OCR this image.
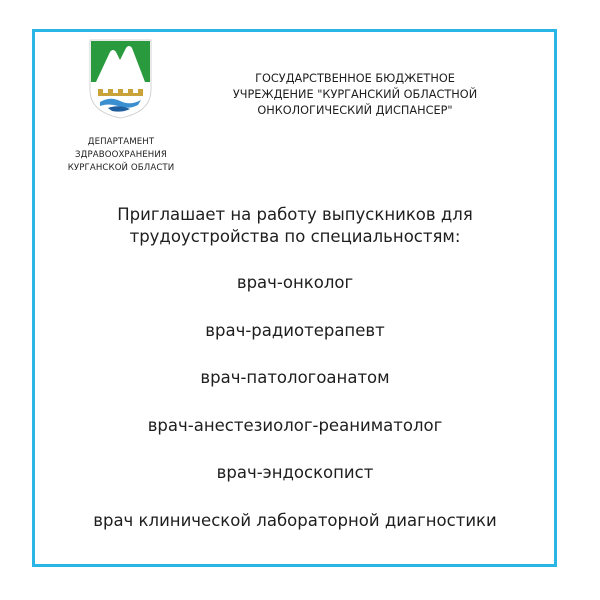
ДЕПАРТАМЕНТ ЗДРАВООХРАНЕНИЯ КУРГАНСКОЙ ОБЛАСТИ
ГОСУДАРСТВЕННОЕ БЮДЖЕТНОЕ УЧРЕЖДЕНИЕ "КУРГАНСКИЙ ОБЛАСТНОЙ ОНКОЛОГИЧЕСКИЙ ДИСПАНСЕР"
Приглашает на работу выпускников для трудоустройства по специальностям:
врач-онколог
врач-радиотерапевт
врач-патологоанатом
врач-анестезиолог-реаниматолог
врач-эндоскопист
врач клинической лабораторной диагностики
